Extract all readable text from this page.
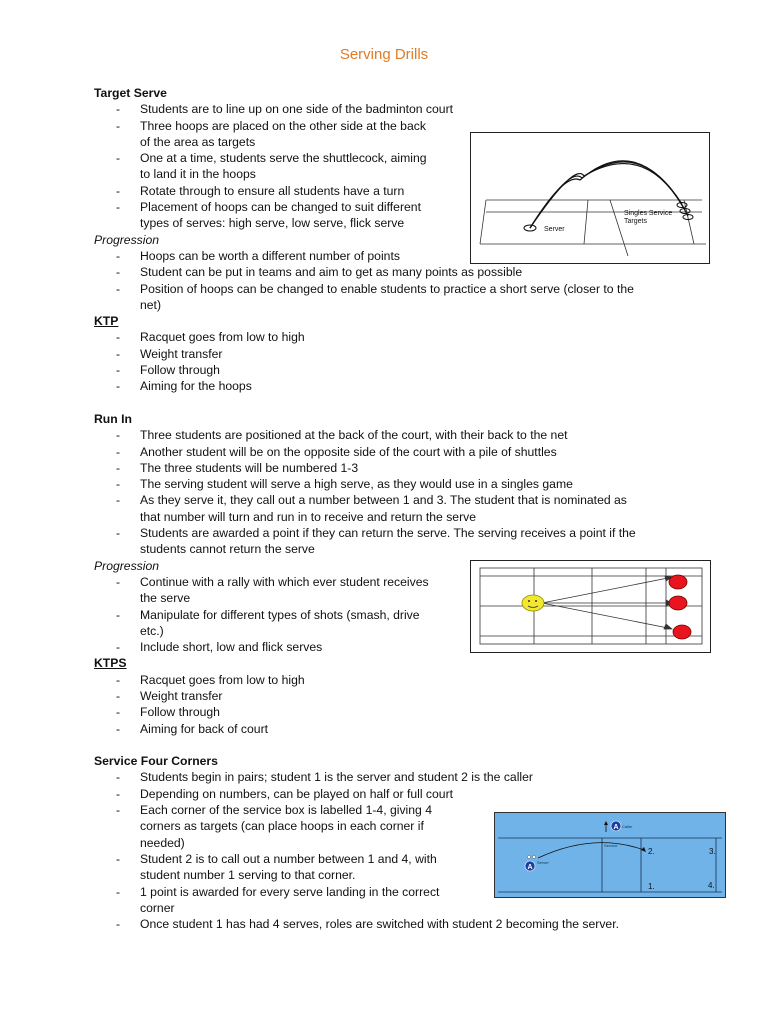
Serving Drills
Target Serve
- Students are to line up on one side of the badminton court
- Three hoops are placed on the other side at the back
of the area as targets
- One at a time, students serve the shuttlecock, aiming
to land it in the hoops
- Rotate through to ensure all students have a turn
- Placement of hoops can be changed to suit different
types of serves: high serve, low serve, flick serve
Progression
- Hoops can be worth a different number of points
- Student can be put in teams and aim to get as many points as possible
- Position of hoops can be changed to enable students to practice a short serve (closer to the
net)
KTP
- Racquet goes from low to high
- Weight transfer
- Follow through
- Aiming for the hoops
Run In
- Three students are positioned at the back of the court, with their back to the net
- Another student will be on the opposite side of the court with a pile of shuttles
- The three students will be numbered 1-3
- The serving student will serve a high serve, as they would use in a singles game
- As they serve it, they call out a number between 1 and 3. The student that is nominated as
that number will turn and run in to receive and return the serve
- Students are awarded a point if they can return the serve. The serving receives a point if the
students cannot return the serve
Progression
- Continue with a rally with which ever student receives
the serve
- Manipulate for different types of shots (smash, drive
etc.)
- Include short, low and flick serves
KTPS
- Racquet goes from low to high
- Weight transfer
- Follow through
- Aiming for back of court
Service Four Corners
- Students begin in pairs; student 1 is the server and student 2 is the caller
- Depending on numbers, can be played on half or full court
- Each corner of the service box is labelled 1-4, giving 4
corners as targets (can place hoops in each corner if
needed)
- Student 2 is to call out a number between 1 and 4, with
student number 1 serving to that corner.
- 1 point is awarded for every serve landing in the correct
corner
- Once student 1 has had 4 serves, roles are switched with student 2 becoming the server.
Server
Singles Service
Targets
A Caller
A
Server
Service
2.	3.
1.	4.
